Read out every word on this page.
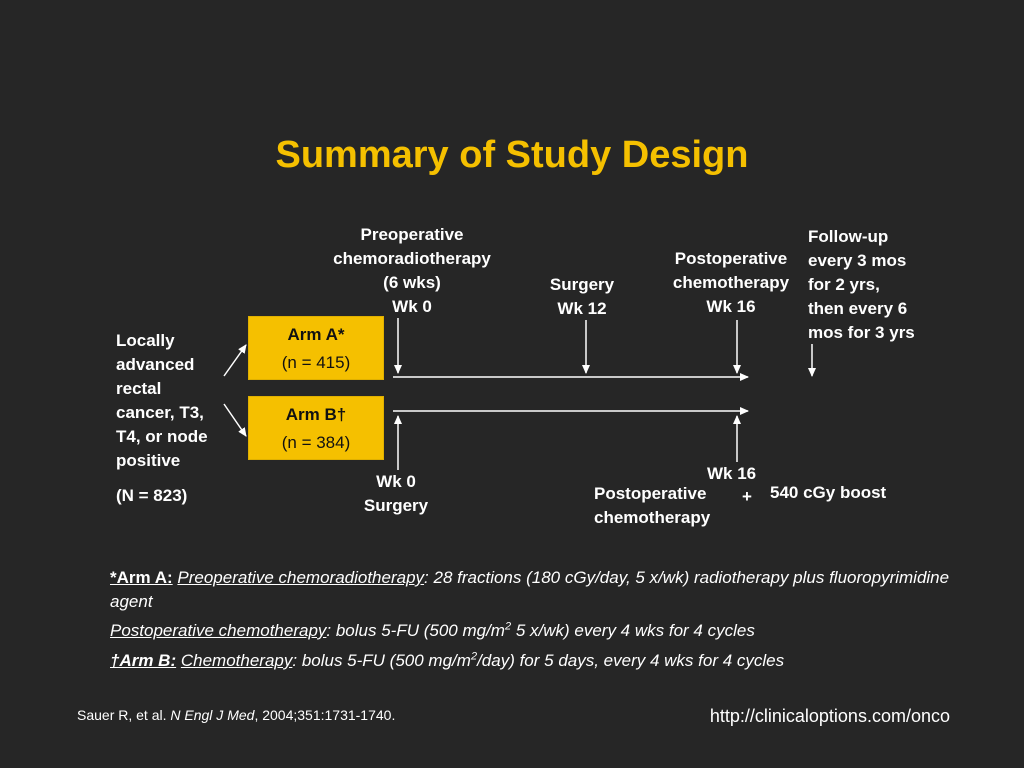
Summary of Study Design
Locally
advanced
rectal
cancer, T3,
T4, or node
positive
(N = 823)
Arm A*
(n = 415)
Arm B†
(n = 384)
Preoperative
chemoradiotherapy
(6 wks)
Wk 0
Surgery
Wk 12
Postoperative
chemotherapy
Wk 16
Follow-up
every 3 mos
for 2 yrs,
then every 6
mos for 3 yrs
Wk 0
Surgery
Wk 16
Postoperative
chemotherapy
+ 540 cGy boost
*Arm A: Preoperative chemoradiotherapy: 28 fractions (180 cGy/day, 5 x/wk) radiotherapy plus fluoropyrimidine agent
Postoperative chemotherapy: bolus 5-FU (500 $mg/m^2$ 5 x/wk) every 4 wks for 4 cycles
†Arm B: Chemotherapy: bolus 5-FU (500 $mg/m^2/day$) for 5 days, every 4 wks for 4 cycles
Sauer R, et al. N Engl J Med, 2004;351:1731-1740.	http://clinicaloptions.com/onco
